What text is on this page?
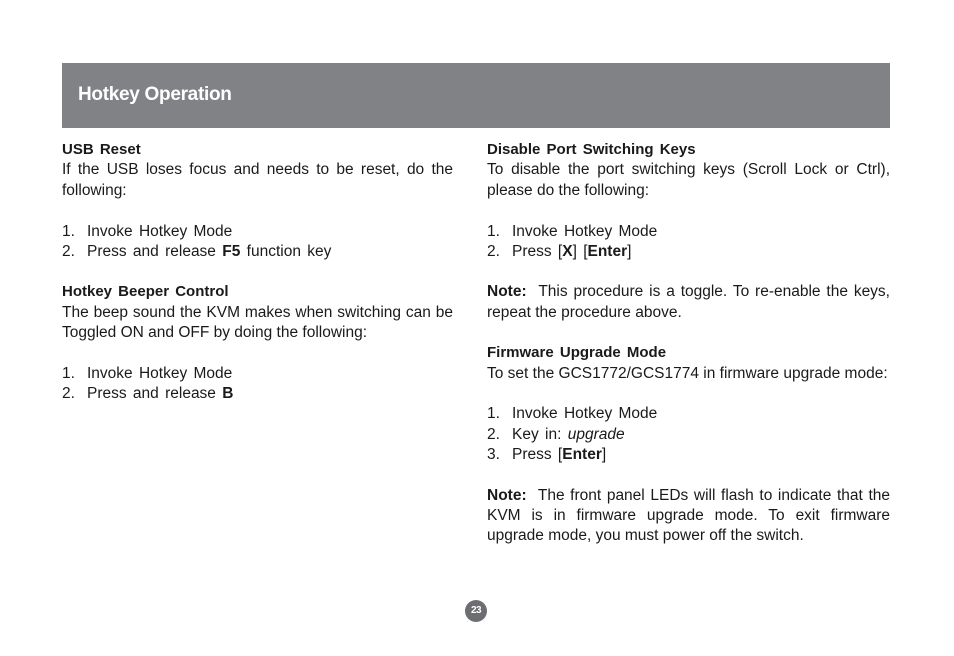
Hotkey Operation
USB Reset
If the USB loses focus and needs to be reset, do the following:
1. Invoke Hotkey Mode
2. Press and release F5 function key
Hotkey Beeper Control
The beep sound the KVM makes when switching can be Toggled ON and OFF by doing the following:
1. Invoke Hotkey Mode
2. Press and release B
Disable Port Switching Keys
To disable the port switching keys (Scroll Lock or Ctrl), please do the following:
1. Invoke Hotkey Mode
2. Press [X] [Enter]
Note: This procedure is a toggle. To re-enable the keys, repeat the procedure above.
Firmware Upgrade Mode
To set the GCS1772/GCS1774 in firmware upgrade mode:
1. Invoke Hotkey Mode
2. Key in: upgrade
3. Press [Enter]
Note: The front panel LEDs will flash to indicate that the KVM is in firmware upgrade mode. To exit firmware upgrade mode, you must power off the switch.
23
